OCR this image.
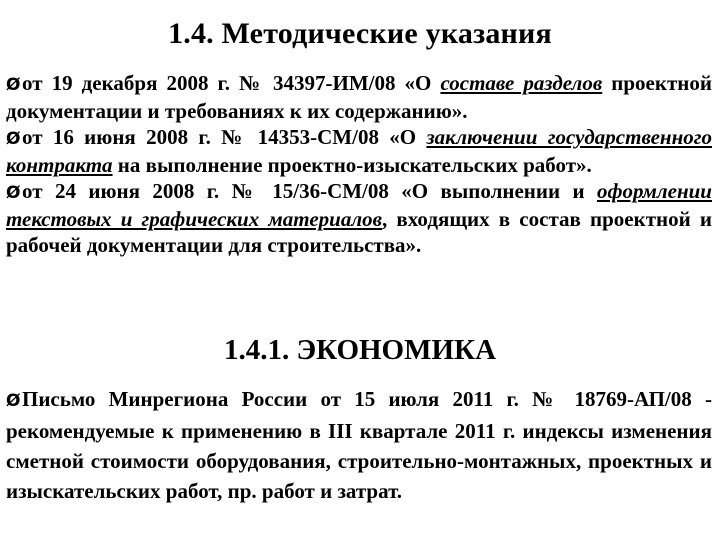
1.4. Методические указания

Øот 19 декабря 2008 г. № 34397-ИМ/08 «О составе разделов проектной документации и требованиях к их содержанию».

Øот 16 июня 2008 г. № 14353-СМ/08 «О заключении государственного контракта на выполнение проектно-изыскательских работ».

Øот 24 июня 2008 г. № 15/36-СМ/08 «О выполнении и оформлении текстовых и графических материалов, входящих в состав проектной и рабочей документации для строительства».

1.4.1. ЭКОНОМИКА

ØПисьмо Минрегиона России от 15 июля 2011 г. № 18769-АП/08 - рекомендуемые к применению в III квартале 2011 г. индексы изменения сметной стоимости оборудования, строительно-монтажных, проектных и изыскательских работ, пр. работ и затрат.
